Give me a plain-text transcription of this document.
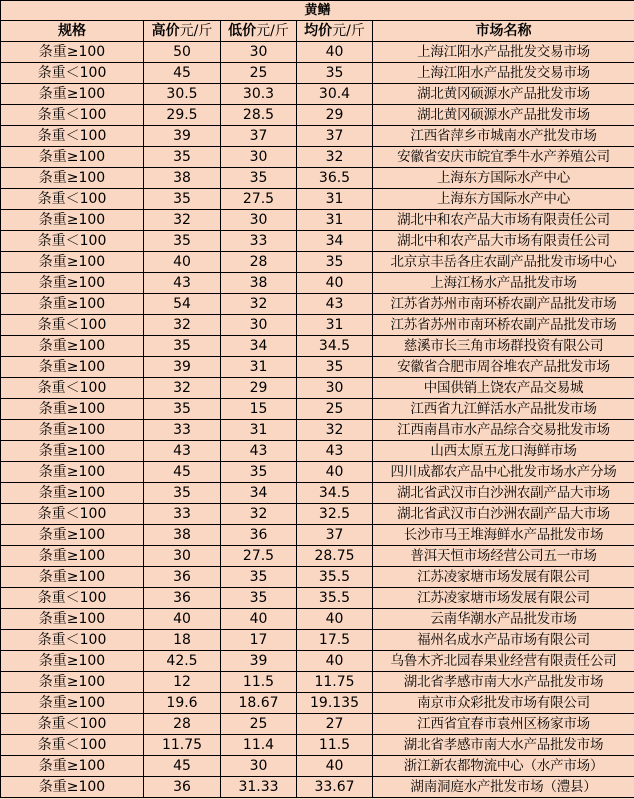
黄鳝				
规格	高价元/斤	低价元/斤	均价元/斤	市场名称
条重≥100	50	30	40	上海江阳水产品批发交易市场
条重＜100	45	25	35	上海江阳水产品批发交易市场
条重≥100	30.5	30.3	30.4	湖北黄冈硕源水产品批发市场
条重＜100	29.5	28.5	29	湖北黄冈硕源水产品批发市场
条重＜100	39	37	37	江西省萍乡市城南水产批发市场
条重≥100	35	30	32	安徽省安庆市皖宜季牛水产养殖公司
条重≥100	38	35	36.5	上海东方国际水产中心
条重＜100	35	27.5	31	上海东方国际水产中心
条重≥100	32	30	31	湖北中和农产品大市场有限责任公司
条重＜100	35	33	34	湖北中和农产品大市场有限责任公司
条重≥100	40	28	35	北京京丰岳各庄农副产品批发市场中心
条重≥100	43	38	40	上海江杨水产品批发市场
条重≥100	54	32	43	江苏省苏州市南环桥农副产品批发市场
条重＜100	32	30	31	江苏省苏州市南环桥农副产品批发市场
条重≥100	35	34	34.5	慈溪市长三角市场群投资有限公司
条重≥100	39	31	35	安徽省合肥市周谷堆农产品批发市场
条重＜100	32	29	30	中国供销上饶农产品交易城
条重≥100	35	15	25	江西省九江鲜活水产品批发市场
条重≥100	33	31	32	江西南昌市水产品综合交易批发市场
条重≥100	43	43	43	山西太原五龙口海鲜市场
条重≥100	45	35	40	四川成都农产品中心批发市场水产分场
条重≥100	35	34	34.5	湖北省武汉市白沙洲农副产品大市场
条重＜100	33	32	32.5	湖北省武汉市白沙洲农副产品大市场
条重≥100	38	36	37	长沙市马王堆海鲜水产品批发市场
条重≥100	30	27.5	28.75	普洱天恒市场经营公司五一市场
条重≥100	36	35	35.5	江苏凌家塘市场发展有限公司
条重＜100	36	35	35.5	江苏凌家塘市场发展有限公司
条重≥100	40	40	40	云南华潮水产品批发市场
条重＜100	18	17	17.5	福州名成水产品市场有限公司
条重≥100	42.5	39	40	乌鲁木齐北园春果业经营有限责任公司
条重≥100	12	11.5	11.75	湖北省孝感市南大水产品批发市场
条重≥100	19.6	18.67	19.135	南京市众彩批发市场有限公司
条重＜100	28	25	27	江西省宜春市袁州区杨家市场
条重＜100	11.75	11.4	11.5	湖北省孝感市南大水产品批发市场
条重≥100	45	30	40	浙江新农都物流中心（水产市场）
条重≥100	36	31.33	33.67	湖南洞庭水产批发市场（澧县）
